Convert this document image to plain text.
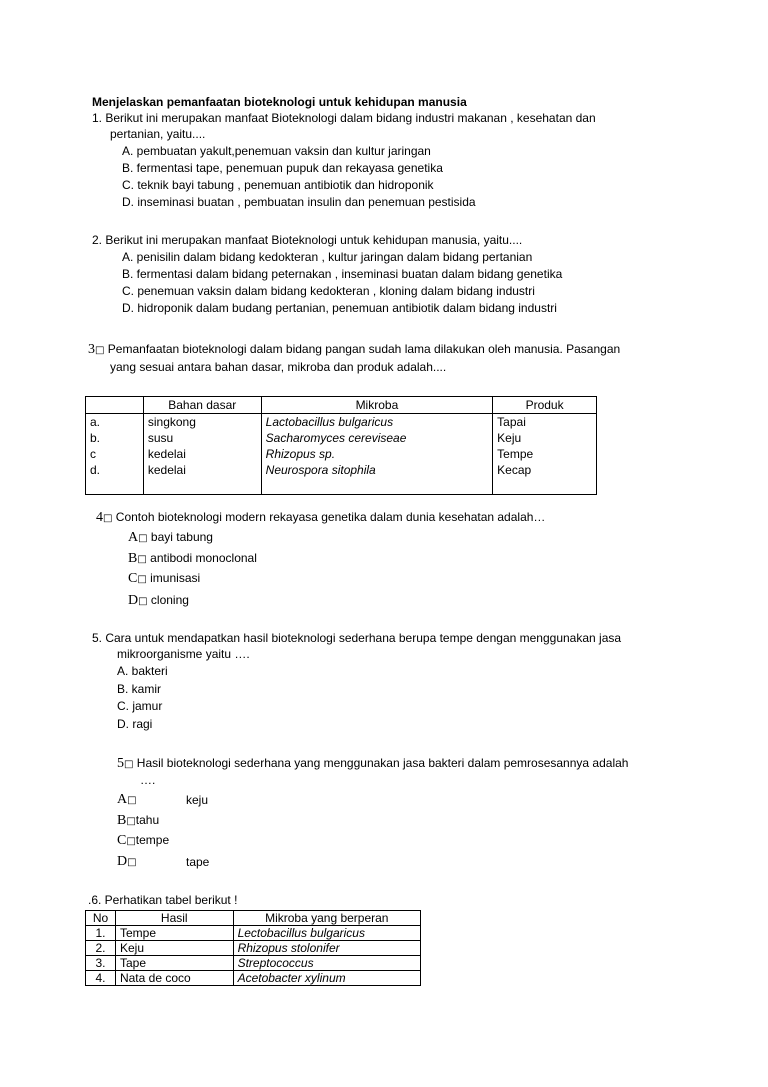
Menjelaskan pemanfaatan bioteknologi untuk kehidupan manusia
1. Berikut ini merupakan manfaat Bioteknologi dalam bidang industri makanan , kesehatan dan
pertanian, yaitu....
A. pembuatan yakult,penemuan vaksin dan kultur jaringan
B. fermentasi tape, penemuan pupuk dan rekayasa genetika
C. teknik bayi tabung , penemuan antibiotik dan hidroponik
D. inseminasi buatan , pembuatan insulin dan penemuan pestisida
2. Berikut ini merupakan manfaat Bioteknologi untuk kehidupan manusia, yaitu....
A. penisilin dalam bidang kedokteran , kultur jaringan dalam bidang pertanian
B. fermentasi dalam bidang peternakan , inseminasi buatan dalam bidang genetika
C. penemuan vaksin dalam bidang kedokteran , kloning dalam bidang industri
D. hidroponik dalam budang pertanian, penemuan antibiotik dalam bidang industri
3□ Pemanfaatan bioteknologi dalam bidang pangan sudah lama dilakukan oleh manusia. Pasangan
yang sesuai antara bahan dasar, mikroba dan produk adalah....
	Bahan dasar	Mikroba	Produk
a.	singkong	Lactobacillus bulgaricus	Tapai
b.	susu	Sacharomyces cereviseae	Keju
c	kedelai	Rhizopus sp.	Tempe
d.	kedelai	Neurospora sitophila	Kecap

4□ Contoh bioteknologi modern rekayasa genetika dalam dunia kesehatan adalah…
A□ bayi tabung
B□ antibodi monoclonal
C□ imunisasi
D□ cloning
5. Cara untuk mendapatkan hasil bioteknologi sederhana berupa tempe dengan menggunakan jasa
mikroorganisme yaitu ….
A. bakteri
B. kamir
C. jamur
D. ragi
5□ Hasil bioteknologi sederhana yang menggunakan jasa bakteri dalam pemrosesannya adalah
….
A□	keju
B□tahu
C□tempe
D□	tape
.6. Perhatikan tabel berikut !
No	Hasil	Mikroba yang berperan
1.	Tempe	Lectobacillus bulgaricus
2.	Keju	Rhizopus stolonifer
3.	Tape	Streptococcus
4.	Nata de coco	Acetobacter xylinum
